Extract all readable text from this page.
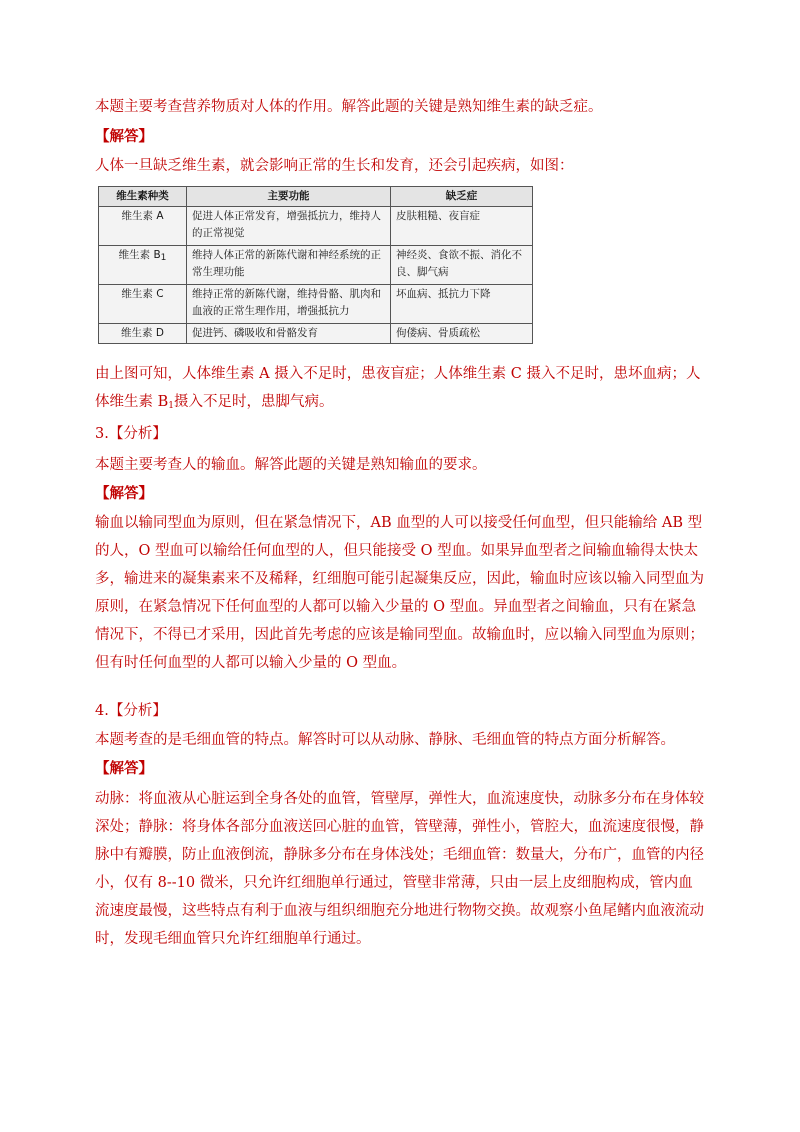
本题主要考查营养物质对人体的作用。解答此题的关键是熟知维生素的缺乏症。

【解答】

人体一旦缺乏维生素，就会影响正常的生长和发育，还会引起疾病，如图：

维生素种类	主要功能	缺乏症
维生素 A	促进人体正常发育，增强抵抗力，维持人的正常视觉	皮肤粗糙、夜盲症
维生素 B1	维持人体正常的新陈代谢和神经系统的正常生理功能	神经炎、食欲不振、消化不良、脚气病
维生素 C	维持正常的新陈代谢，维持骨骼、肌肉和血液的正常生理作用，增强抵抗力	坏血病、抵抗力下降
维生素 D	促进钙、磷吸收和骨骼发育	佝偻病、骨质疏松

由上图可知，人体维生素 A 摄入不足时，患夜盲症；人体维生素 C 摄入不足时，患坏血病；人体维生素 $B_1$摄入不足时，患脚气病。

3.【分析】

本题主要考查人的输血。解答此题的关键是熟知输血的要求。

【解答】

输血以输同型血为原则，但在紧急情况下，AB 血型的人可以接受任何血型，但只能输给 AB 型的人，O 型血可以输给任何血型的人，但只能接受 O 型血。如果异血型者之间输血输得太快太多，输进来的凝集素来不及稀释，红细胞可能引起凝集反应，因此，输血时应该以输入同型血为原则，在紧急情况下任何血型的人都可以输入少量的 O 型血。异血型者之间输血，只有在紧急情况下，不得已才采用，因此首先考虑的应该是输同型血。故输血时，应以输入同型血为原则；但有时任何血型的人都可以输入少量的 O 型血。

4.【分析】

本题考查的是毛细血管的特点。解答时可以从动脉、静脉、毛细血管的特点方面分析解答。

【解答】

动脉：将血液从心脏运到全身各处的血管，管壁厚，弹性大，血流速度快，动脉多分布在身体较深处；静脉：将身体各部分血液送回心脏的血管，管壁薄，弹性小，管腔大，血流速度很慢，静脉中有瓣膜，防止血液倒流，静脉多分布在身体浅处；毛细血管：数量大，分布广，血管的内径小，仅有 8--10 微米，只允许红细胞单行通过，管壁非常薄，只由一层上皮细胞构成，管内血流速度最慢，这些特点有利于血液与组织细胞充分地进行物物交换。故观察小鱼尾鳍内血液流动时，发现毛细血管只允许红细胞单行通过。
